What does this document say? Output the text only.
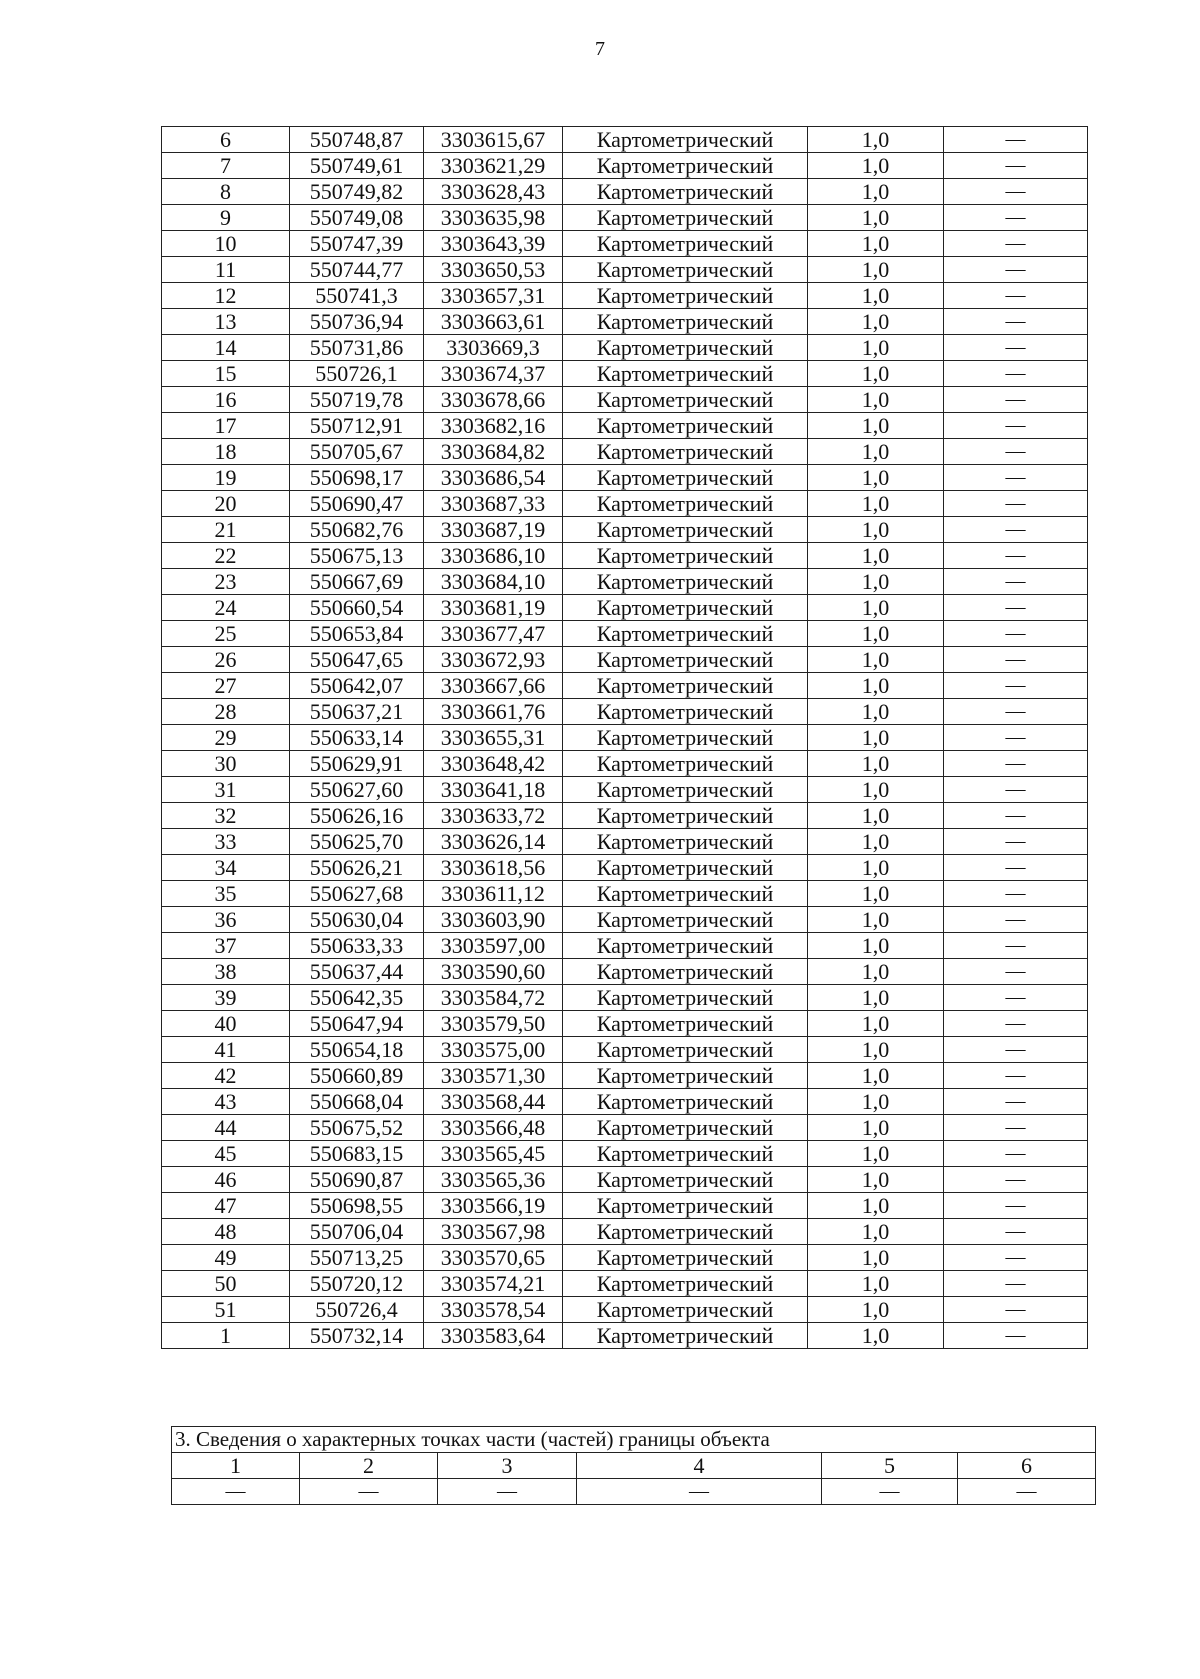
7
6	550748,87	3303615,67	Картометрический	1,0	—
7	550749,61	3303621,29	Картометрический	1,0	—
8	550749,82	3303628,43	Картометрический	1,0	—
9	550749,08	3303635,98	Картометрический	1,0	—
10	550747,39	3303643,39	Картометрический	1,0	—
11	550744,77	3303650,53	Картометрический	1,0	—
12	550741,3	3303657,31	Картометрический	1,0	—
13	550736,94	3303663,61	Картометрический	1,0	—
14	550731,86	3303669,3	Картометрический	1,0	—
15	550726,1	3303674,37	Картометрический	1,0	—
16	550719,78	3303678,66	Картометрический	1,0	—
17	550712,91	3303682,16	Картометрический	1,0	—
18	550705,67	3303684,82	Картометрический	1,0	—
19	550698,17	3303686,54	Картометрический	1,0	—
20	550690,47	3303687,33	Картометрический	1,0	—
21	550682,76	3303687,19	Картометрический	1,0	—
22	550675,13	3303686,10	Картометрический	1,0	—
23	550667,69	3303684,10	Картометрический	1,0	—
24	550660,54	3303681,19	Картометрический	1,0	—
25	550653,84	3303677,47	Картометрический	1,0	—
26	550647,65	3303672,93	Картометрический	1,0	—
27	550642,07	3303667,66	Картометрический	1,0	—
28	550637,21	3303661,76	Картометрический	1,0	—
29	550633,14	3303655,31	Картометрический	1,0	—
30	550629,91	3303648,42	Картометрический	1,0	—
31	550627,60	3303641,18	Картометрический	1,0	—
32	550626,16	3303633,72	Картометрический	1,0	—
33	550625,70	3303626,14	Картометрический	1,0	—
34	550626,21	3303618,56	Картометрический	1,0	—
35	550627,68	3303611,12	Картометрический	1,0	—
36	550630,04	3303603,90	Картометрический	1,0	—
37	550633,33	3303597,00	Картометрический	1,0	—
38	550637,44	3303590,60	Картометрический	1,0	—
39	550642,35	3303584,72	Картометрический	1,0	—
40	550647,94	3303579,50	Картометрический	1,0	—
41	550654,18	3303575,00	Картометрический	1,0	—
42	550660,89	3303571,30	Картометрический	1,0	—
43	550668,04	3303568,44	Картометрический	1,0	—
44	550675,52	3303566,48	Картометрический	1,0	—
45	550683,15	3303565,45	Картометрический	1,0	—
46	550690,87	3303565,36	Картометрический	1,0	—
47	550698,55	3303566,19	Картометрический	1,0	—
48	550706,04	3303567,98	Картометрический	1,0	—
49	550713,25	3303570,65	Картометрический	1,0	—
50	550720,12	3303574,21	Картометрический	1,0	—
51	550726,4	3303578,54	Картометрический	1,0	—
1	550732,14	3303583,64	Картометрический	1,0	—
3. Сведения о характерных точках части (частей) границы объекта					
1	2	3	4	5	6
—	—	—	—	—	—
